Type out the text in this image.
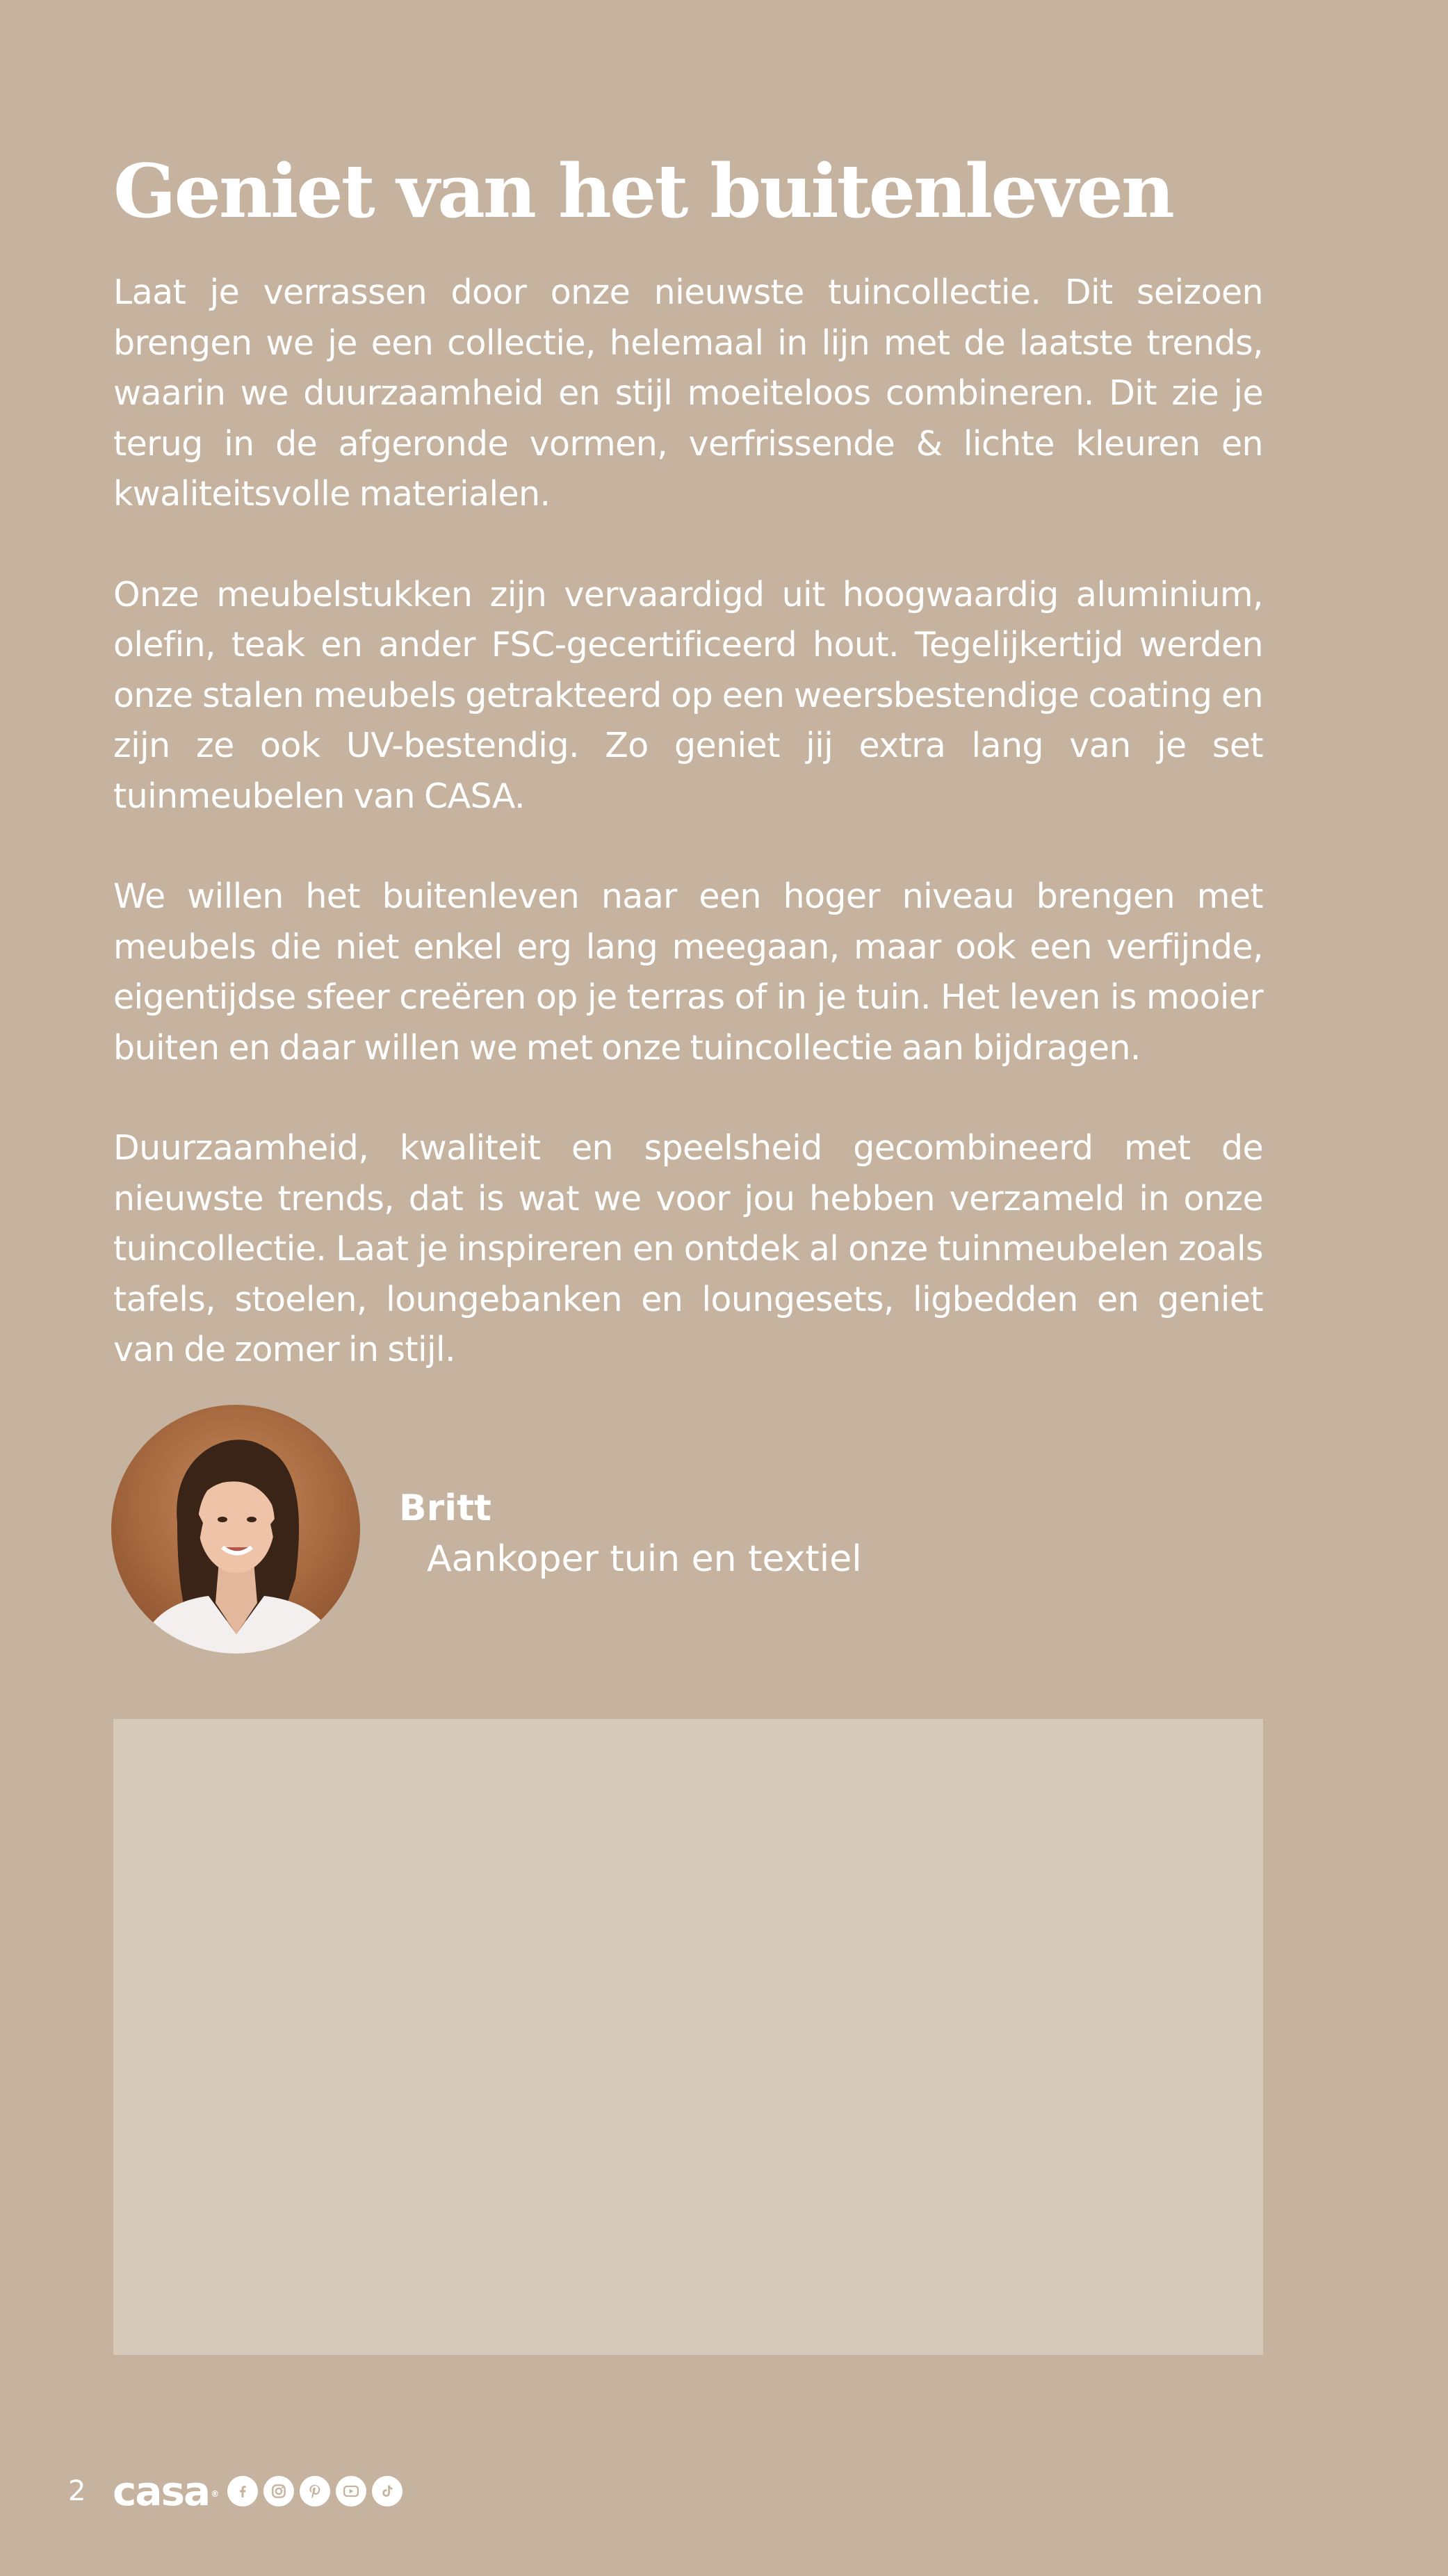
Geniet van het buitenleven

Laat je verrassen door onze nieuwste tuincollectie. Dit seizoen brengen we je een collectie, helemaal in lijn met de laatste trends, waarin we duurzaamheid en stijl moeiteloos combineren. Dit zie je terug in de afgeronde vormen, verfrissende & lichte kleuren en kwaliteitsvolle materialen.

Onze meubelstukken zijn vervaardigd uit hoogwaardig aluminium, olefin, teak en ander FSC-gecertificeerd hout. Tegelijkertijd werden onze stalen meubels getrakteerd op een weersbestendige coating en zijn ze ook UV-bestendig. Zo geniet jij extra lang van je set tuinmeubelen van CASA.

We willen het buitenleven naar een hoger niveau brengen met meubels die niet enkel erg lang meegaan, maar ook een verfijnde, eigentijdse sfeer creëren op je terras of in je tuin. Het leven is mooier buiten en daar willen we met onze tuincollectie aan bijdragen.

Duurzaamheid, kwaliteit en speelsheid gecombineerd met de nieuwste trends, dat is wat we voor jou hebben verzameld in onze tuincollectie. Laat je inspireren en ontdek al onze tuinmeubelen zoals tafels, stoelen, loungebanken en loungesets, ligbedden en geniet van de zomer in stijl.

Britt
Aankoper tuin en textiel
2 casa ®
